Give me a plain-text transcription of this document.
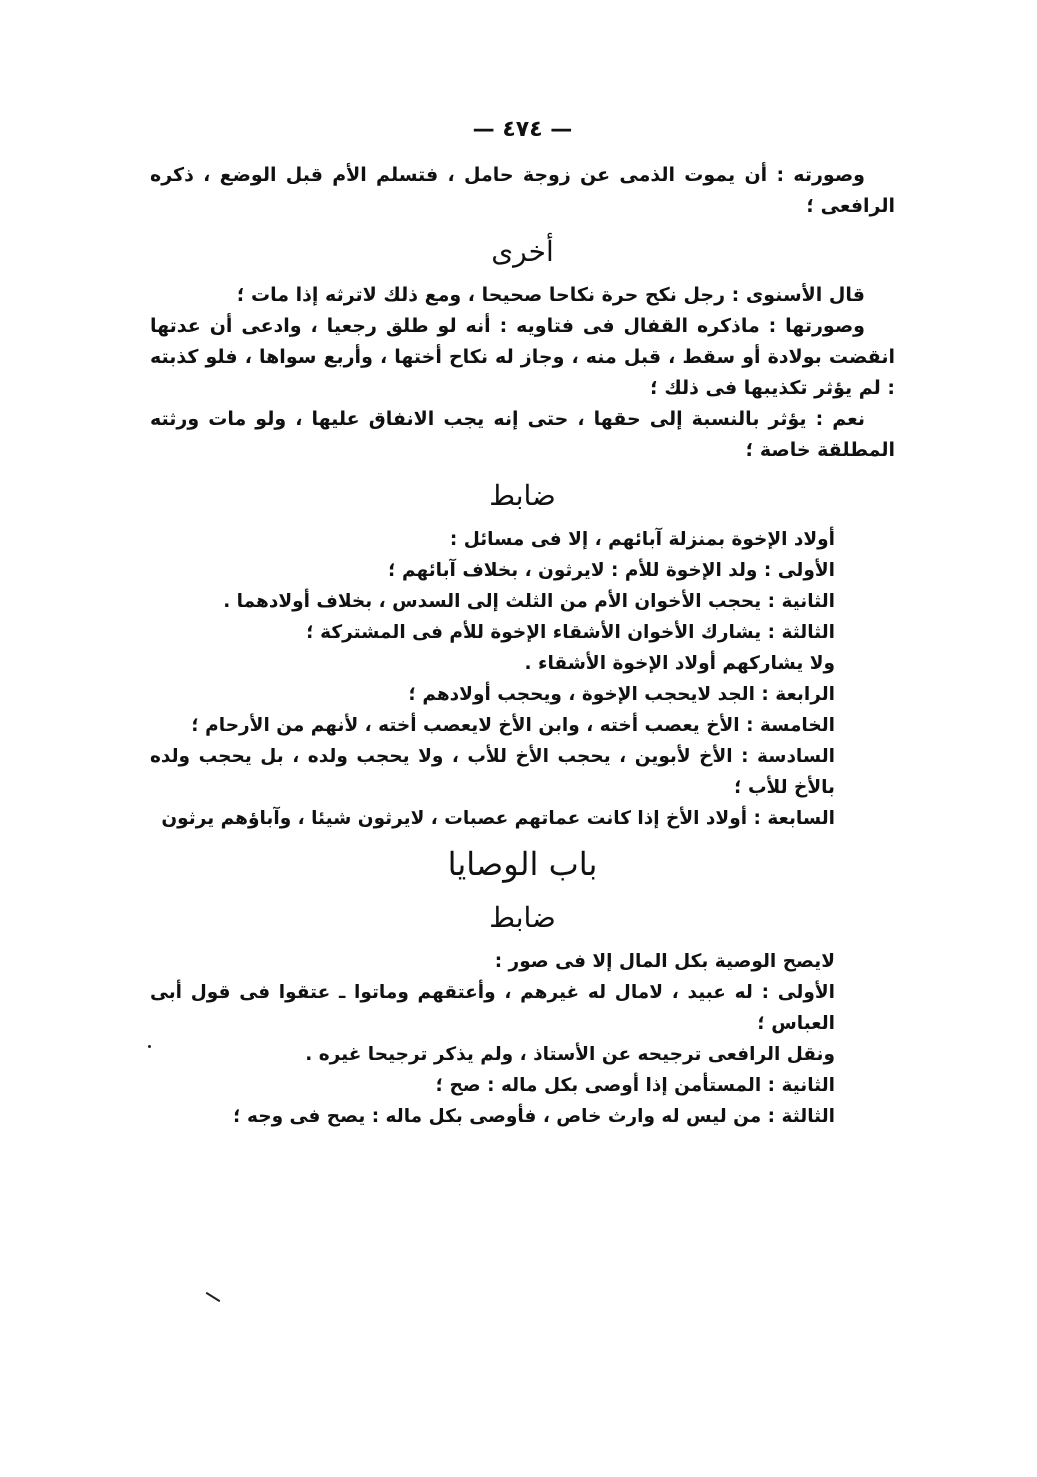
— ٤٧٤ —

وصورته : أن يموت الذمى عن زوجة حامل ، فتسلم الأم قبل الوضع ، ذكره الرافعى ؛

أخرى

قال الأسنوى : رجل نكح حرة نكاحا صحيحا ، ومع ذلك لاترثه إذا مات ؛

وصورتها : ماذكره القفال فى فتاويه : أنه لو طلق رجعيا ، وادعى أن عدتها انقضت بولادة أو سقط ، قبل منه ، وجاز له نكاح أختها ، وأربع سواها ، فلو كذبته : لم يؤثر تكذيبها فى ذلك ؛

نعم : يؤثر بالنسبة إلى حقها ، حتى إنه يجب الانفاق عليها ، ولو مات ورثته المطلقة خاصة ؛

ضابط

أولاد الإخوة بمنزلة آبائهم ، إلا فى مسائل :

الأولى : ولد الإخوة للأم : لايرثون ، بخلاف آبائهم ؛

الثانية : يحجب الأخوان الأم من الثلث إلى السدس ، بخلاف أولادهما .

الثالثة : يشارك الأخوان الأشقاء الإخوة للأم فى المشتركة ؛

ولا يشاركهم أولاد الإخوة الأشقاء .

الرابعة : الجد لايحجب الإخوة ، ويحجب أولادهم ؛

الخامسة : الأخ يعصب أخته ، وابن الأخ لايعصب أخته ، لأنهم من الأرحام ؛

السادسة : الأخ لأبوين ، يحجب الأخ للأب ، ولا يحجب ولده ، بل يحجب ولده بالأخ للأب ؛

السابعة : أولاد الأخ إذا كانت عماتهم عصبات ، لايرثون شيئا ، وآباؤهم يرثون

باب الوصايا
ضابط

لايصح الوصية بكل المال إلا فى صور :

الأولى : له عبيد ، لامال له غيرهم ، وأعتقهم وماتوا ـ عتقوا فى قول أبى العباس ؛

ونقل الرافعى ترجيحه عن الأستاذ ، ولم يذكر ترجيحا غيره .

الثانية : المستأمن إذا أوصى بكل ماله : صح ؛

الثالثة : من ليس له وارث خاص ، فأوصى بكل ماله : يصح فى وجه ؛
